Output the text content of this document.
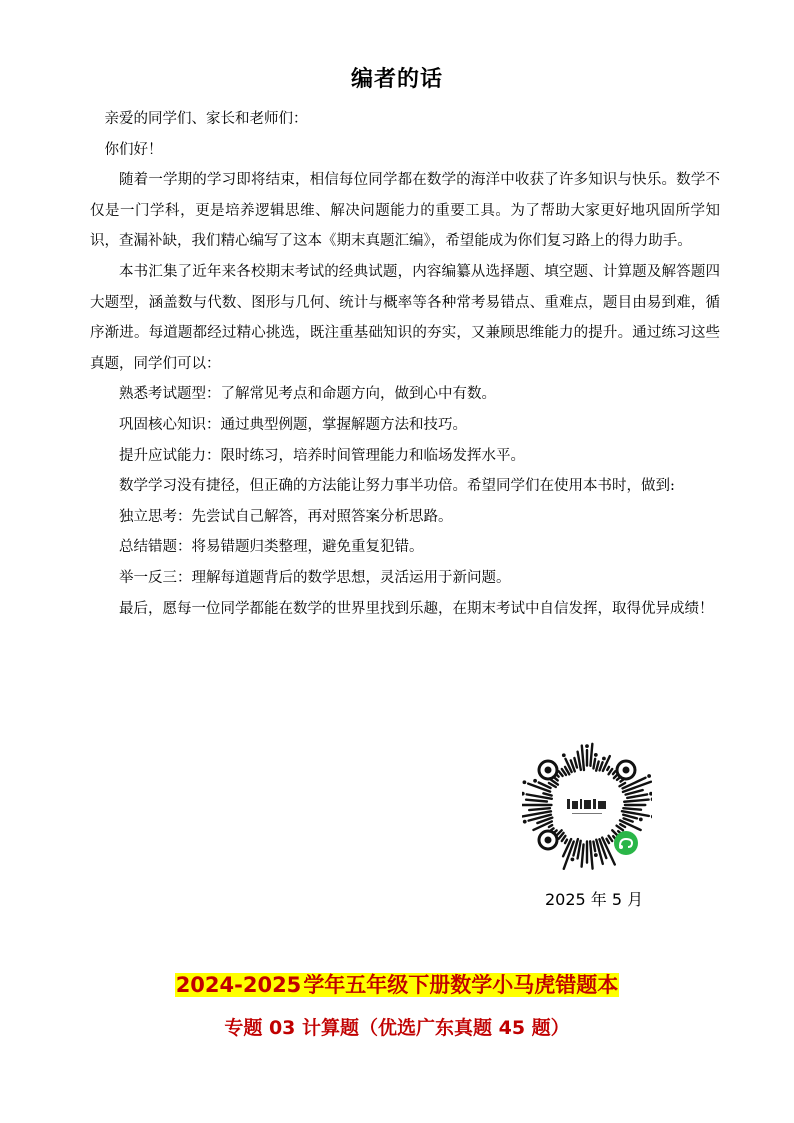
编者的话

亲爱的同学们、家长和老师们：

你们好！

随着一学期的学习即将结束，相信每位同学都在数学的海洋中收获了许多知识与快乐。数学不仅是一门学科，更是培养逻辑思维、解决问题能力的重要工具。为了帮助大家更好地巩固所学知识，查漏补缺，我们精心编写了这本《期末真题汇编》，希望能成为你们复习路上的得力助手。

本书汇集了近年来各校期末考试的经典试题，内容编纂从选择题、填空题、计算题及解答题四大题型，涵盖数与代数、图形与几何、统计与概率等各种常考易错点、重难点，题目由易到难，循序渐进。每道题都经过精心挑选，既注重基础知识的夯实，又兼顾思维能力的提升。通过练习这些真题，同学们可以：

熟悉考试题型：了解常见考点和命题方向，做到心中有数。

巩固核心知识：通过典型例题，掌握解题方法和技巧。

提升应试能力：限时练习，培养时间管理能力和临场发挥水平。

数学学习没有捷径，但正确的方法能让努力事半功倍。希望同学们在使用本书时，做到:

独立思考：先尝试自己解答，再对照答案分析思路。

总结错题：将易错题归类整理，避免重复犯错。

举一反三：理解每道题背后的数学思想，灵活运用于新问题。

最后，愿每一位同学都能在数学的世界里找到乐趣，在期末考试中自信发挥，取得优异成绩！

2025 年 5 月
2024-2025学年五年级下册数学小马虎错题本
专题 03 计算题（优选广东真题 45 题）
